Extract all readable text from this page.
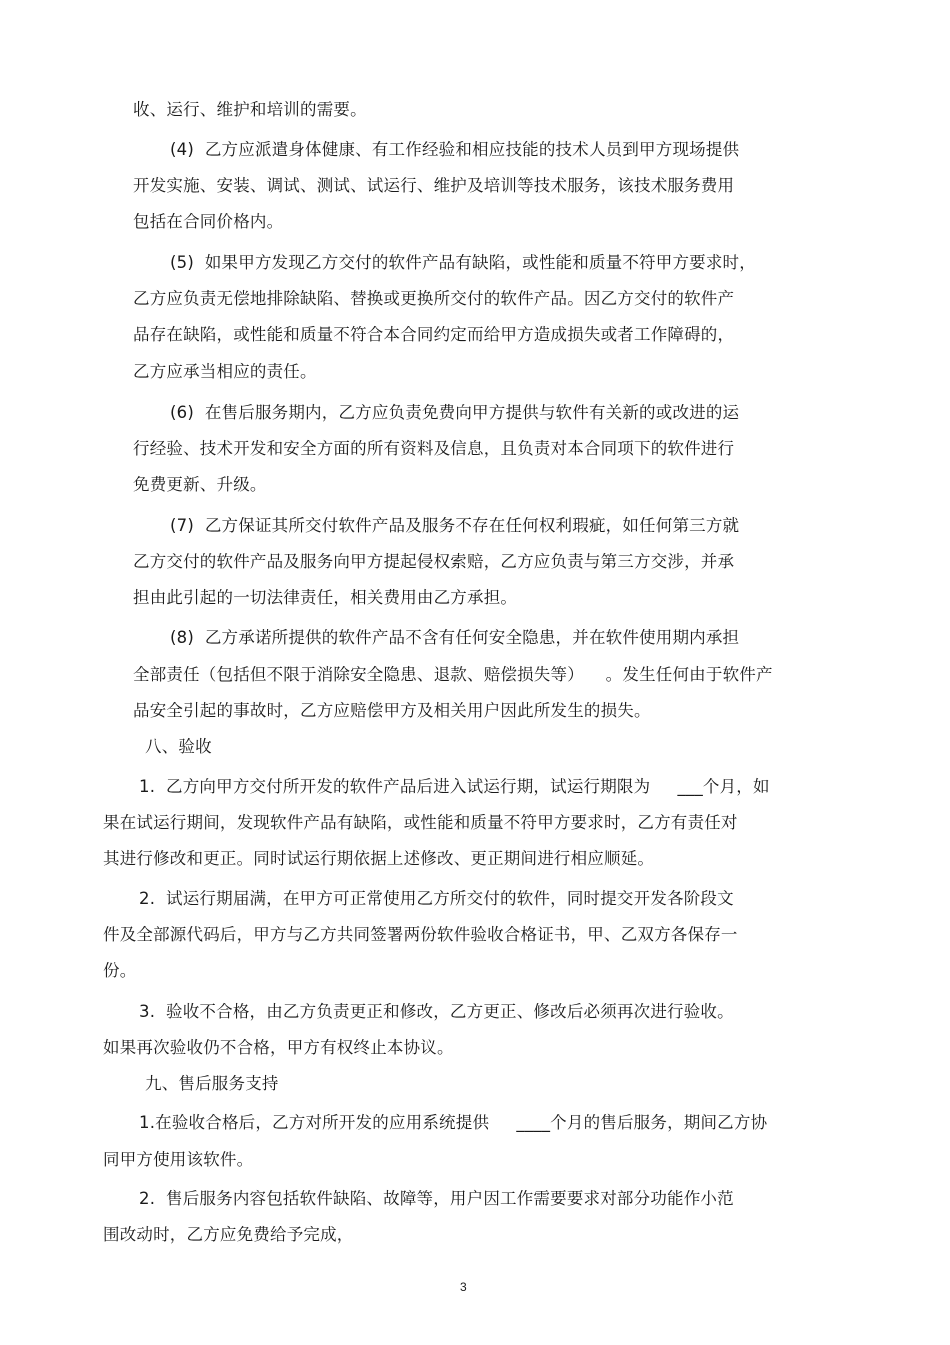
收、运行、维护和培训的需要。
(4)  乙方应派遣身体健康、有工作经验和相应技能的技术人员到甲方现场提供
开发实施、安装、调试、测试、试运行、维护及培训等技术服务，该技术服务费用
包括在合同价格内。
(5)  如果甲方发现乙方交付的软件产品有缺陷，或性能和质量不符甲方要求时，
乙方应负责无偿地排除缺陷、替换或更换所交付的软件产品。因乙方交付的软件产
品存在缺陷，或性能和质量不符合本合同约定而给甲方造成损失或者工作障碍的，
乙方应承当相应的责任。
(6)  在售后服务期内，乙方应负责免费向甲方提供与软件有关新的或改进的运
行经验、技术开发和安全方面的所有资料及信息，且负责对本合同项下的软件进行
免费更新、升级。
(7)  乙方保证其所交付软件产品及服务不存在任何权利瑕疵，如任何第三方就
乙方交付的软件产品及服务向甲方提起侵权索赔，乙方应负责与第三方交涉，并承
担由此引起的一切法律责任，相关费用由乙方承担。
(8)  乙方承诺所提供的软件产品不含有任何安全隐患，并在软件使用期内承担
全部责任（包括但不限于消除安全隐患、退款、赔偿损失等）    。发生任何由于软件产
品安全引起的事故时，乙方应赔偿甲方及相关用户因此所发生的损失。
八、验收
1.  乙方向甲方交付所开发的软件产品后进入试运行期，试运行期限为     ___个月，如
果在试运行期间，发现软件产品有缺陷，或性能和质量不符甲方要求时，乙方有责任对
其进行修改和更正。同时试运行期依据上述修改、更正期间进行相应顺延。
2.  试运行期届满，在甲方可正常使用乙方所交付的软件，同时提交开发各阶段文
件及全部源代码后，甲方与乙方共同签署两份软件验收合格证书，甲、乙双方各保存一
份。
3.  验收不合格，由乙方负责更正和修改，乙方更正、修改后必须再次进行验收。
如果再次验收仍不合格，甲方有权终止本协议。
九、售后服务支持
1.在验收合格后，乙方对所开发的应用系统提供     ____个月的售后服务，期间乙方协
同甲方使用该软件。
2.  售后服务内容包括软件缺陷、故障等，用户因工作需要要求对部分功能作小范
围改动时，乙方应免费给予完成，
3
